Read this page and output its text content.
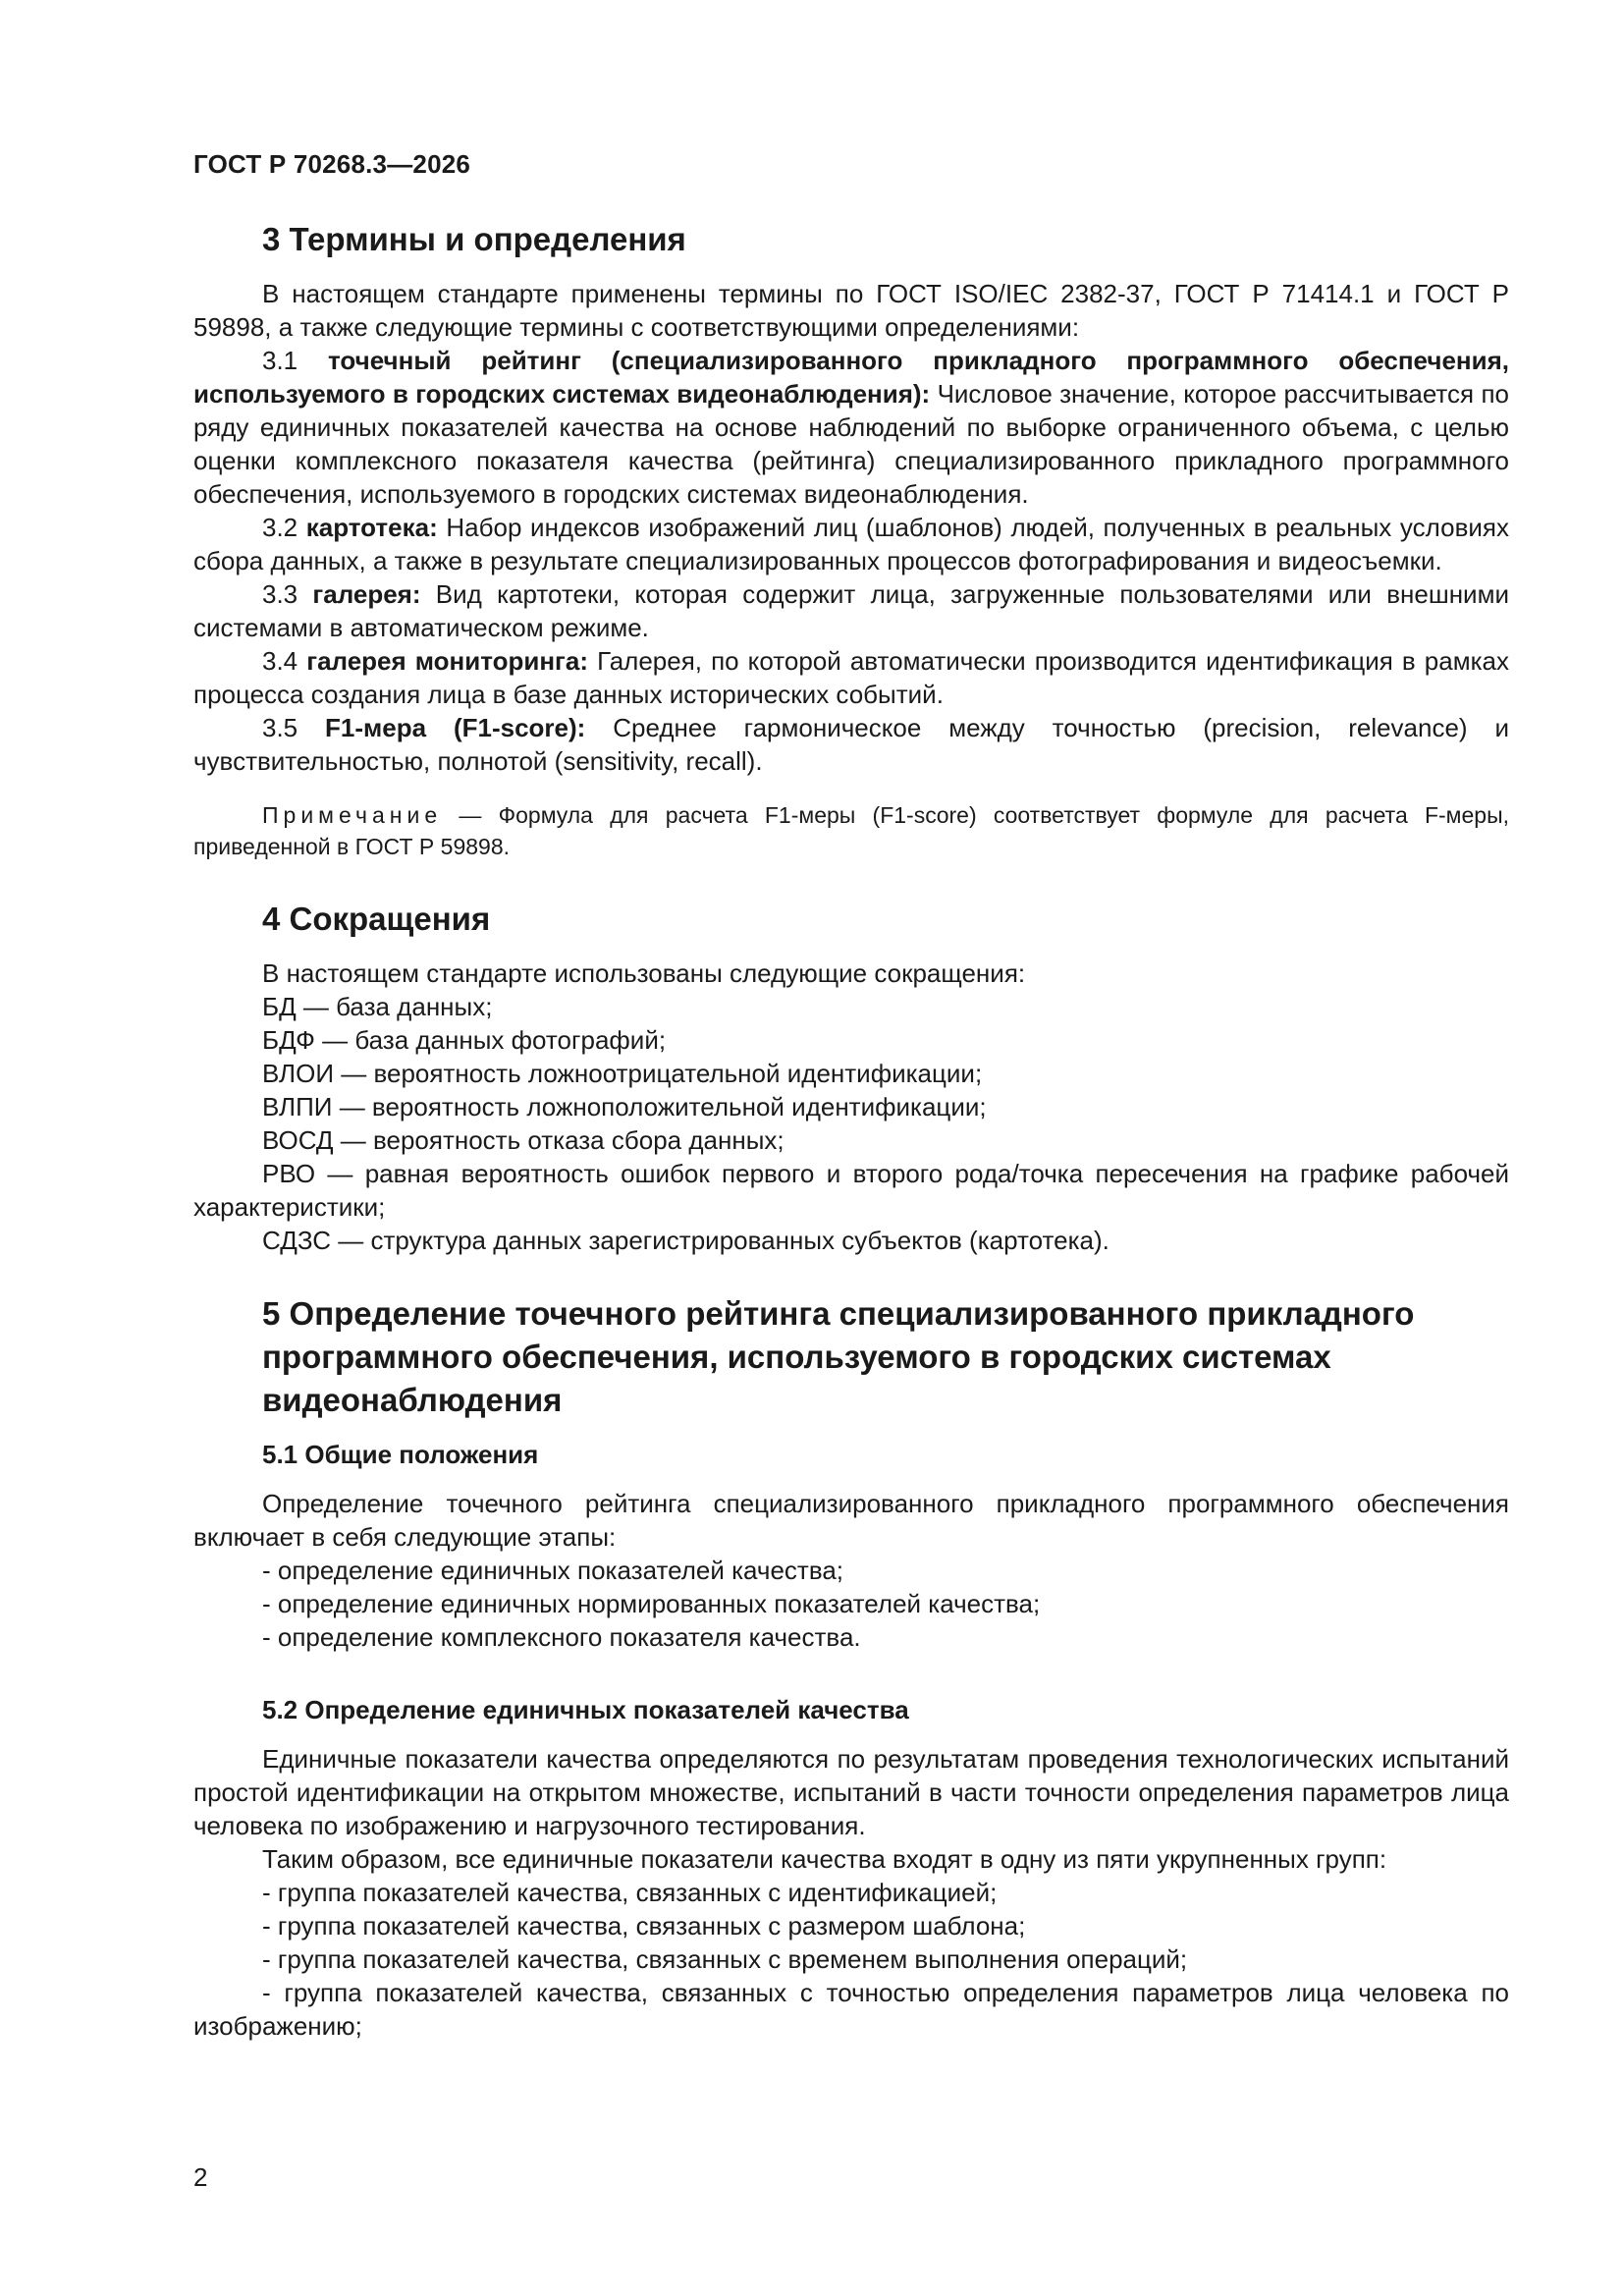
ГОСТ Р 70268.3—2026
3 Термины и определения

В настоящем стандарте применены термины по ГОСТ ISO/IEC 2382-37, ГОСТ Р 71414.1 и ГОСТ Р 59898, а также следующие термины с соответствующими определениями:

3.1 точечный рейтинг (специализированного прикладного программного обеспечения, используемого в городских системах видеонаблюдения): Числовое значение, которое рассчитывается по ряду единичных показателей качества на основе наблюдений по выборке ограниченного объема, с целью оценки комплексного показателя качества (рейтинга) специализированного прикладного программного обеспечения, используемого в городских системах видеонаблюдения.

3.2 картотека: Набор индексов изображений лиц (шаблонов) людей, полученных в реальных условиях сбора данных, а также в результате специализированных процессов фотографирования и видеосъемки.

3.3 галерея: Вид картотеки, которая содержит лица, загруженные пользователями или внешними системами в автоматическом режиме.

3.4 галерея мониторинга: Галерея, по которой автоматически производится идентификация в рамках процесса создания лица в базе данных исторических событий.

3.5 F1-мера (F1-score): Среднее гармоническое между точностью (precision, relevance) и чувствительностью, полнотой (sensitivity, recall).

Примечание — Формула для расчета F1-меры (F1-score) соответствует формуле для расчета F-меры, приведенной в ГОСТ Р 59898.

4 Сокращения

В настоящем стандарте использованы следующие сокращения:

БД — база данных;

БДФ — база данных фотографий;

ВЛОИ — вероятность ложноотрицательной идентификации;

ВЛПИ — вероятность ложноположительной идентификации;

ВОСД — вероятность отказа сбора данных;

РВО — равная вероятность ошибок первого и второго рода/точка пересечения на графике рабочей характеристики;

СДЗС — структура данных зарегистрированных субъектов (картотека).

5 Определение точечного рейтинга специализированного прикладного программного обеспечения, используемого в городских системах видеонаблюдения
5.1 Общие положения

Определение точечного рейтинга специализированного прикладного программного обеспечения включает в себя следующие этапы:

- определение единичных показателей качества;

- определение единичных нормированных показателей качества;

- определение комплексного показателя качества.

5.2 Определение единичных показателей качества

Единичные показатели качества определяются по результатам проведения технологических испытаний простой идентификации на открытом множестве, испытаний в части точности определения параметров лица человека по изображению и нагрузочного тестирования.

Таким образом, все единичные показатели качества входят в одну из пяти укрупненных групп:

- группа показателей качества, связанных с идентификацией;

- группа показателей качества, связанных с размером шаблона;

- группа показателей качества, связанных с временем выполнения операций;

- группа показателей качества, связанных с точностью определения параметров лица человека по изображению;

2
